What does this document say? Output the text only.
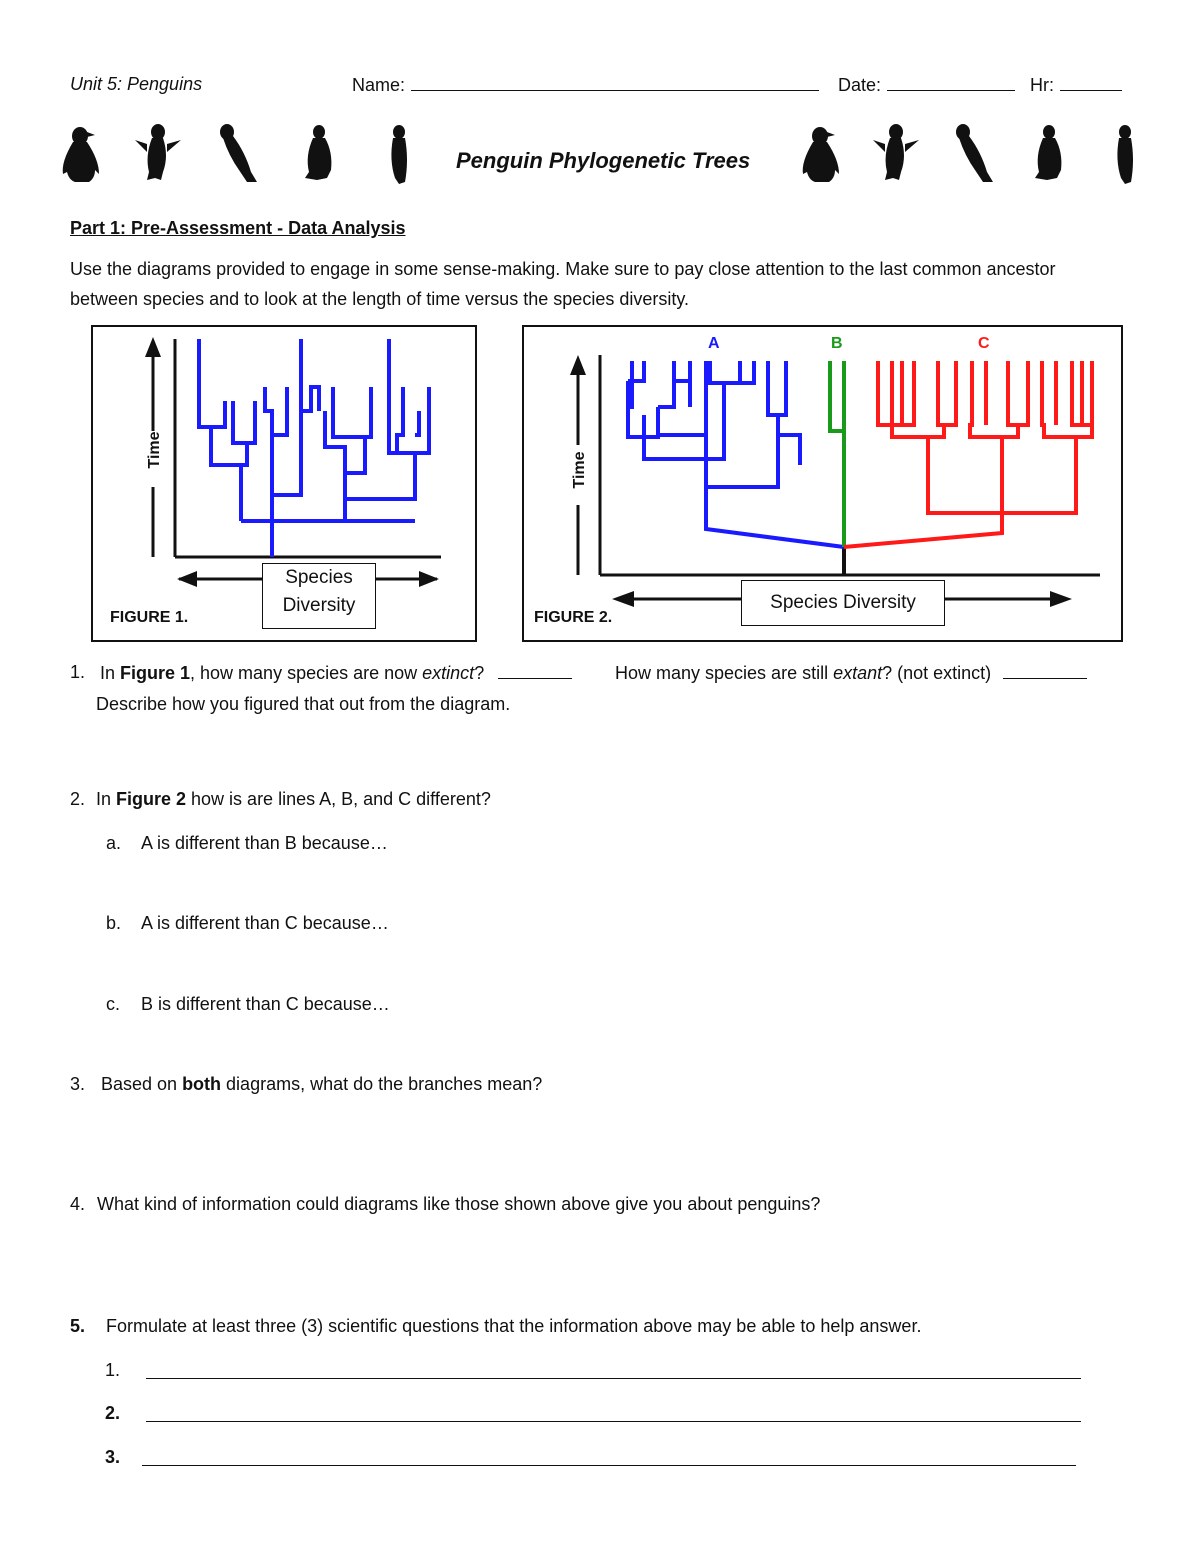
Unit 5: Penguins	Name:	Date:	Hr:
Penguin Phylogenetic Trees
Part 1: Pre-Assessment - Data Analysis
Use the diagrams provided to engage in some sense-making. Make sure to pay close attention to the last common ancestor between species and to look at the length of time versus the species diversity.
Time
Species
Diversity
FIGURE 1.
Time
A	B	C
Species Diversity
FIGURE 2.
1. In Figure 1, how many species are now extinct?	How many species are still extant? (not extinct)
Describe how you figured that out from the diagram.
2. In Figure 2 how is are lines A, B, and C different?
a. A is different than B because…
b. A is different than C because…
c. B is different than C because…
3. Based on both diagrams, what do the branches mean?
4. What kind of information could diagrams like those shown above give you about penguins?
5. Formulate at least three (3) scientific questions that the information above may be able to help answer.
1.
2.
3.
